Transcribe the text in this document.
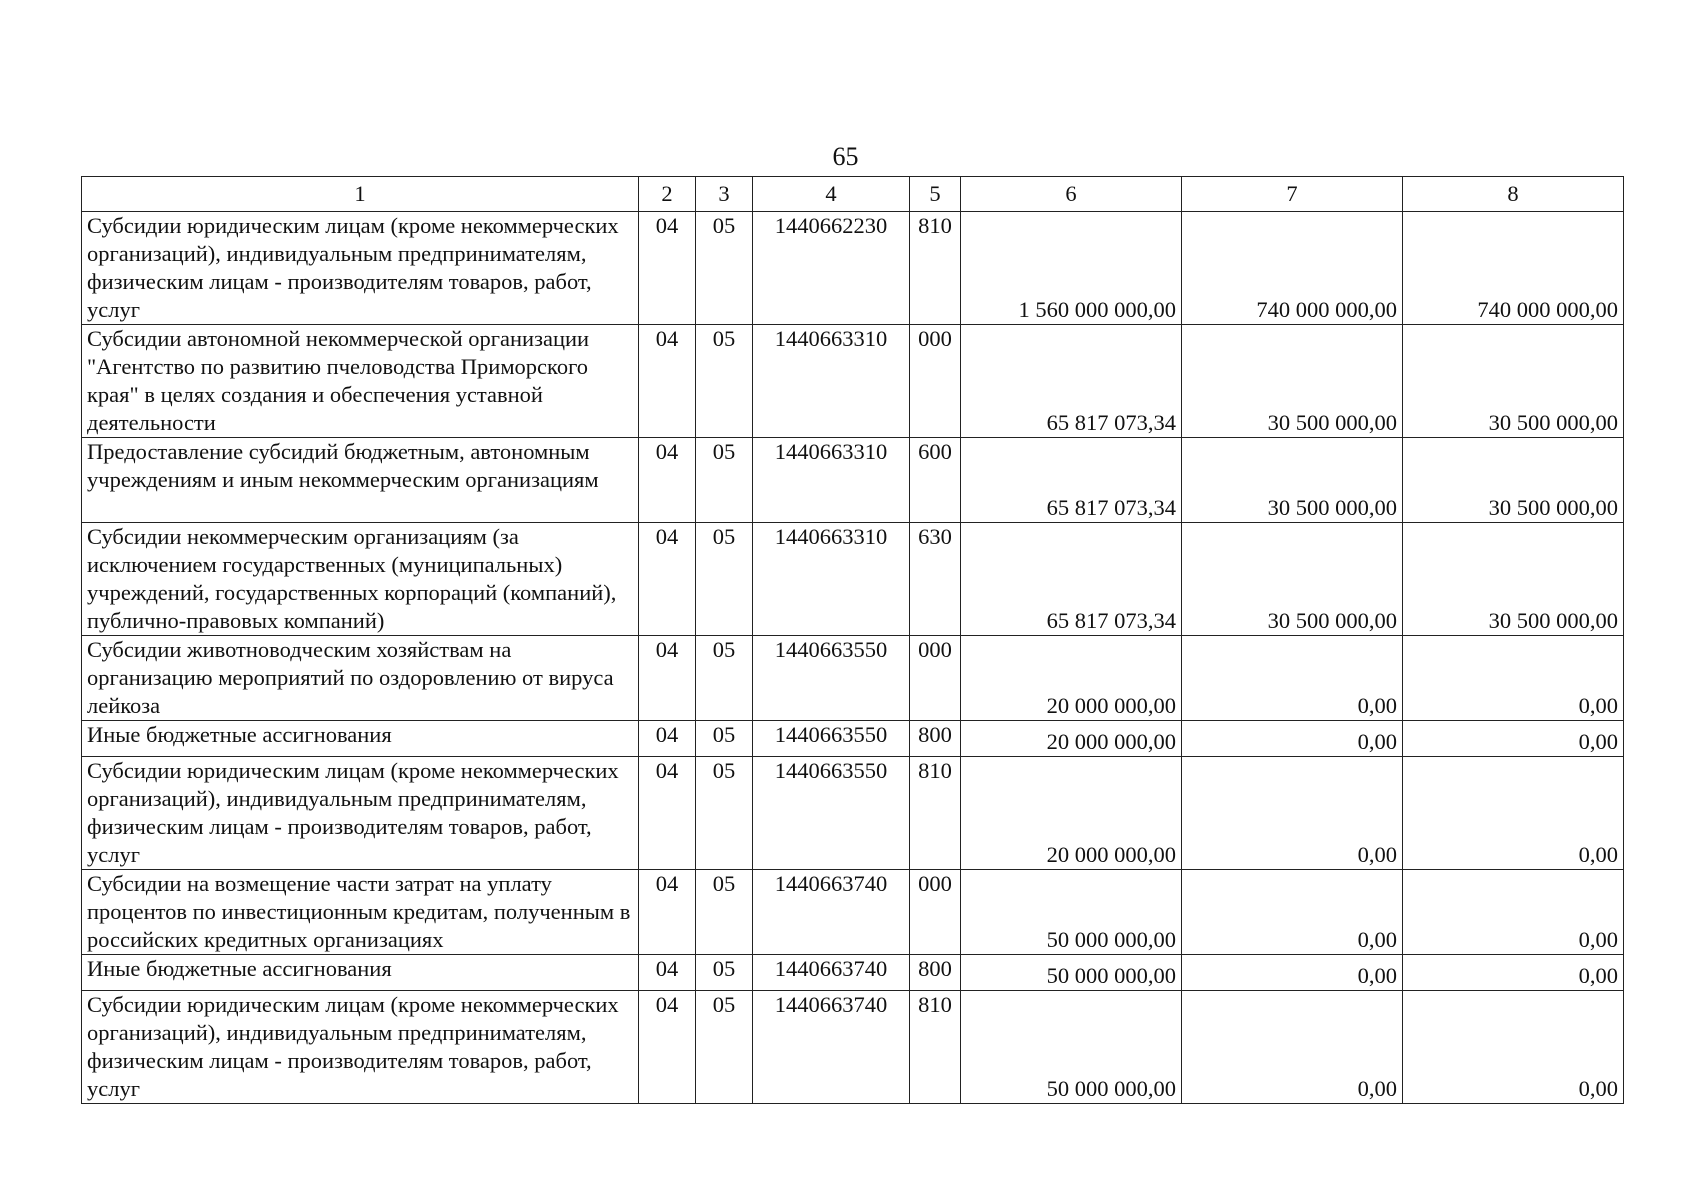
65
1	2	3	4	5	6	7	8
Субсидии юридическим лицам (кроме некоммерческих организаций), индивидуальным предпринимателям, физическим лицам - производителям товаров, работ, услуг	04	05	1440662230	810	1 560 000 000,00	740 000 000,00	740 000 000,00
Субсидии автономной некоммерческой организации "Агентство по развитию пчеловодства Приморского края" в целях создания и обеспечения уставной деятельности	04	05	1440663310	000	65 817 073,34	30 500 000,00	30 500 000,00
Предоставление субсидий бюджетным, автономным учреждениям и иным некоммерческим организациям	04	05	1440663310	600	65 817 073,34	30 500 000,00	30 500 000,00
Субсидии некоммерческим организациям (за исключением государственных (муниципальных) учреждений, государственных корпораций (компаний), публично-правовых компаний)	04	05	1440663310	630	65 817 073,34	30 500 000,00	30 500 000,00
Субсидии животноводческим хозяйствам на организацию мероприятий по оздоровлению от вируса лейкоза	04	05	1440663550	000	20 000 000,00	0,00	0,00
Иные бюджетные ассигнования	04	05	1440663550	800	20 000 000,00	0,00	0,00
Субсидии юридическим лицам (кроме некоммерческих организаций), индивидуальным предпринимателям, физическим лицам - производителям товаров, работ, услуг	04	05	1440663550	810	20 000 000,00	0,00	0,00
Субсидии на возмещение части затрат на уплату процентов по инвестиционным кредитам, полученным в российских кредитных организациях	04	05	1440663740	000	50 000 000,00	0,00	0,00
Иные бюджетные ассигнования	04	05	1440663740	800	50 000 000,00	0,00	0,00
Субсидии юридическим лицам (кроме некоммерческих организаций), индивидуальным предпринимателям, физическим лицам - производителям товаров, работ, услуг	04	05	1440663740	810	50 000 000,00	0,00	0,00
